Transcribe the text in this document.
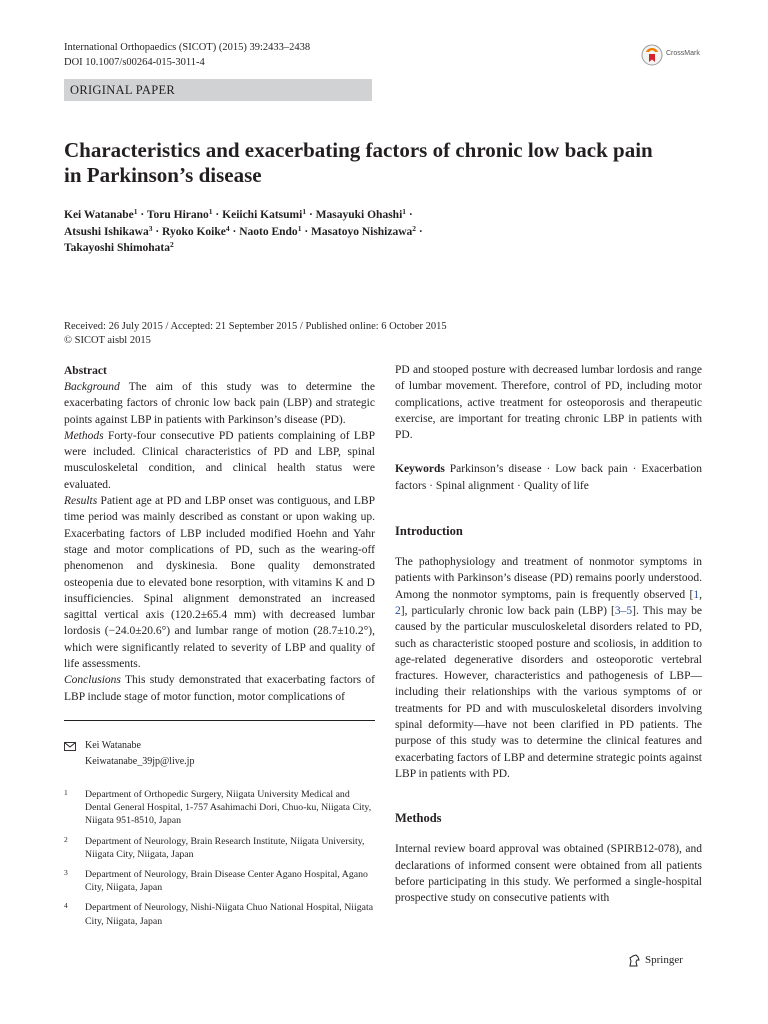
International Orthopaedics (SICOT) (2015) 39:2433–2438
DOI 10.1007/s00264-015-3011-4
ORIGINAL PAPER
CrossMark
Characteristics and exacerbating factors of chronic low back pain
in Parkinson’s disease
Kei Watanabe$^1$ · Toru Hirano$^1$ · Keiichi Katsumi$^1$ · Masayuki Ohashi$^1$ ·
Atsushi Ishikawa$^3$ · Ryoko Koike$^4$ · Naoto Endo$^1$ · Masatoyo Nishizawa$^2$ ·
Takayoshi Shimohata$^2$
Received: 26 July 2015 / Accepted: 21 September 2015 / Published online: 6 October 2015
© SICOT aisbl 2015

Abstract

Background The aim of this study was to determine the exacerbating factors of chronic low back pain (LBP) and strategic points against LBP in patients with Parkinson’s disease (PD).

Methods Forty-four consecutive PD patients complaining of LBP were included. Clinical characteristics of PD and LBP, spinal musculoskeletal condition, and clinical health status were evaluated.

Results Patient age at PD and LBP onset was contiguous, and LBP time period was mainly described as constant or upon waking up. Exacerbating factors of LBP included modified Hoehn and Yahr stage and motor complications of PD, such as the wearing-off phenomenon and dyskinesia. Bone quality demonstrated osteopenia due to elevated bone resorption, with vitamins K and D insufficiencies. Spinal alignment demonstrated an increased sagittal vertical axis (120.2±65.4 mm) with decreased lumbar lordosis (−24.0±20.6°) and lumbar range of motion (28.7±10.2°), which were significantly related to severity of LBP and quality of life assessments.

Conclusions This study demonstrated that exacerbating factors of LBP include stage of motor function, motor complications of

Kei Watanabe
Keiwatanabe_39jp@live.jp
1	Department of Orthopedic Surgery, Niigata University Medical and Dental General Hospital, 1-757 Asahimachi Dori, Chuo-ku, Niigata City, Niigata 951-8510, Japan
2	Department of Neurology, Brain Research Institute, Niigata University, Niigata City, Niigata, Japan
3	Department of Neurology, Brain Disease Center Agano Hospital, Agano City, Niigata, Japan
4	Department of Neurology, Nishi-Niigata Chuo National Hospital, Niigata City, Niigata, Japan

PD and stooped posture with decreased lumbar lordosis and range of lumbar movement. Therefore, control of PD, including motor complications, active treatment for osteoporosis and therapeutic exercise, are important for treating chronic LBP in patients with PD.

Keywords Parkinson’s disease · Low back pain · Exacerbation factors · Spinal alignment · Quality of life

Introduction

The pathophysiology and treatment of nonmotor symptoms in patients with Parkinson’s disease (PD) remains poorly understood. Among the nonmotor symptoms, pain is frequently observed [1, 2], particularly chronic low back pain (LBP) [3–5]. This may be caused by the particular musculoskeletal disorders related to PD, such as characteristic stooped posture and scoliosis, in addition to age-related degenerative disorders and osteoporotic vertebral fractures. However, characteristics and pathogenesis of LBP—including their relationships with the various symptoms of or treatments for PD and with musculoskeletal disorders involving spinal deformity—have not been clarified in PD patients. The purpose of this study was to determine the clinical features and exacerbating factors of LBP and determine strategic points against LBP in patients with PD.

Methods

Internal review board approval was obtained (SPIRB12-078), and declarations of informed consent were obtained from all patients before participating in this study. We performed a single-hospital prospective study on consecutive patients with

Springer
